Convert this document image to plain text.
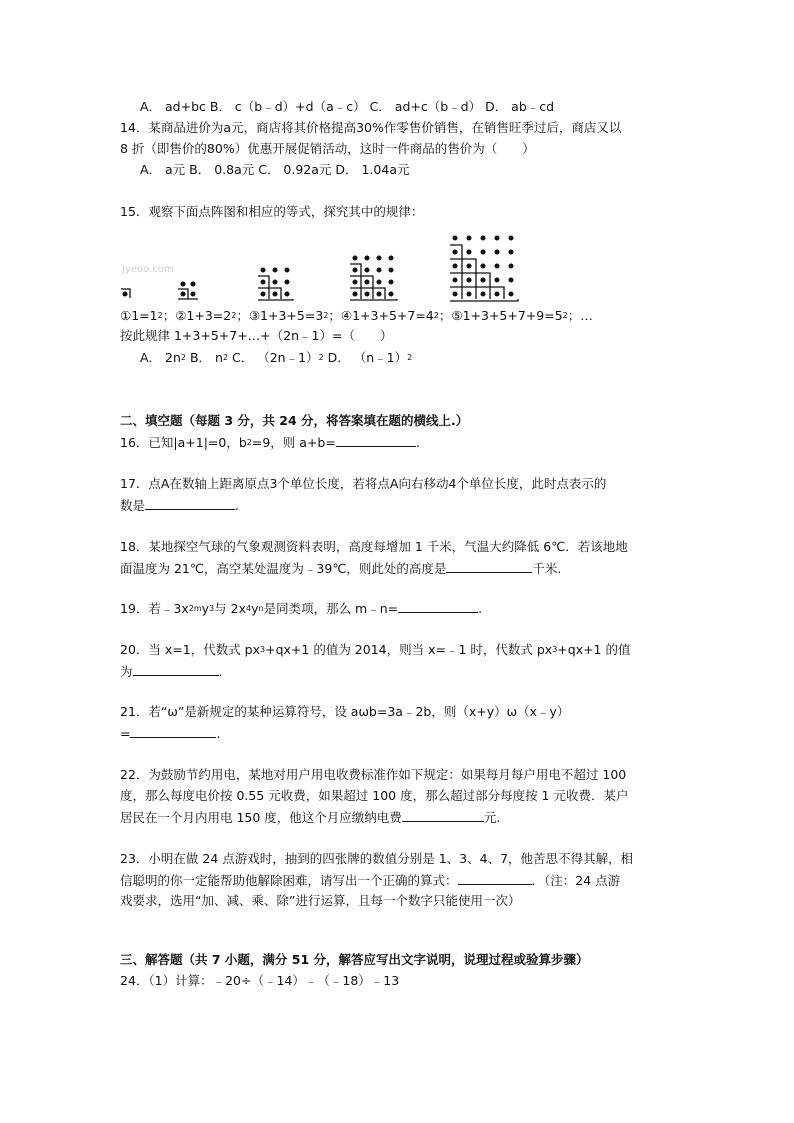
A． ad+bc B． c（b﹣d）+d（a﹣c） C． ad+c（b﹣d） D． ab﹣cd
14．某商品进价为a元，商店将其价格提高30%作零售价销售，在销售旺季过后，商店又以
8 折（即售价的80%）优惠开展促销活动，这时一件商品的售价为（　　）
A． a元 B． 0.8a元 C． 0.92a元 D． 1.04a元
15．观察下面点阵图和相应的等式，探究其中的规律：
Jyeoo.com
$①1=1^2$；$②1+3=2^2$；$③1+3+5=3^2$；$④1+3+5+7=4^2$；$⑤1+3+5+7+9=5^2$；…
按此规律 1+3+5+7+…+（2n﹣1）=（　　）
A． $2n^2$ B． $n^2$ C． （2n﹣1）$^2$ D． （n﹣1）$^2$
二、填空题（每题 3 分，共 24 分，将答案填在题的横线上.）
16．已知|a+1|=0，$b^2=9$，则 a+b=	.
17．点A在数轴上距离原点3个单位长度，若将点A向右移动4个单位长度，此时点表示的
数是	.
18．某地探空气球的气象观测资料表明，高度每增加 1 千米，气温大约降低 6℃．若该地地
面温度为 21℃，高空某处温度为﹣39℃，则此处的高度是	千米.
19．若$﹣3x^{2m}y^3$与 $2x^4y^n$是同类项，那么 m﹣n=	.
20．当 x=1，代数式 $px^3+qx+1$ 的值为 2014，则当 x=﹣1 时，代数式 $px^3+qx+1$ 的值
为	.
21．若“ω”是新规定的某种运算符号，设 aωb=3a﹣2b，则（x+y）ω（x﹣y）
=	.
22．为鼓励节约用电，某地对用户用电收费标准作如下规定：如果每月每户用电不超过 100
度，那么每度电价按 0.55 元收费，如果超过 100 度，那么超过部分每度按 1 元收费．某户
居民在一个月内用电 150 度，他这个月应缴纳电费	元.
23．小明在做 24 点游戏时，抽到的四张牌的数值分别是 1、3、4、7，他苦思不得其解，相
信聪明的你一定能帮助他解除困难，请写出一个正确的算式：	．（注：24 点游
戏要求，选用“加、减、乘、除”进行运算，且每一个数字只能使用一次）
三、解答题（共 7 小题，满分 51 分，解答应写出文字说明，说理过程或验算步骤）
24．（1）计算：﹣20÷（﹣14）﹣（﹣18）﹣13
